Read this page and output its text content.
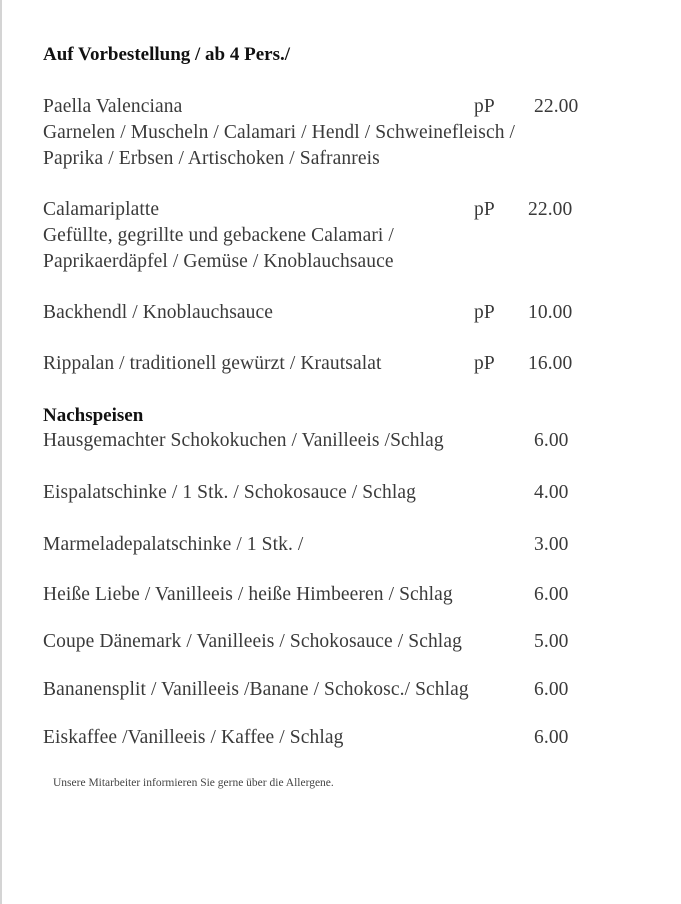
Auf Vorbestellung / ab 4 Pers./
Paella Valenciana	pP 22.00
Garnelen / Muscheln / Calamari / Hendl / Schweinefleisch /
Paprika / Erbsen / Artischoken / Safranreis
Calamariplatte	pP 22.00
Gefüllte, gegrillte und gebackene Calamari /
Paprikaerdäpfel / Gemüse / Knoblauchsauce
Backhendl / Knoblauchsauce	pP 10.00
Rippalan / traditionell gewürzt / Krautsalat	pP 16.00
Nachspeisen
Hausgemachter Schokokuchen / Vanilleeis /Schlag	6.00
Eispalatschinke / 1 Stk. / Schokosauce / Schlag	4.00
Marmeladepalatschinke / 1 Stk. /	3.00
Heiße Liebe / Vanilleeis / heiße Himbeeren / Schlag	6.00
Coupe Dänemark / Vanilleeis / Schokosauce / Schlag	5.00
Bananensplit / Vanilleeis /Banane / Schokosc./ Schlag	6.00
Eiskaffee /Vanilleeis / Kaffee / Schlag	6.00
Unsere Mitarbeiter informieren Sie gerne über die Allergene.
